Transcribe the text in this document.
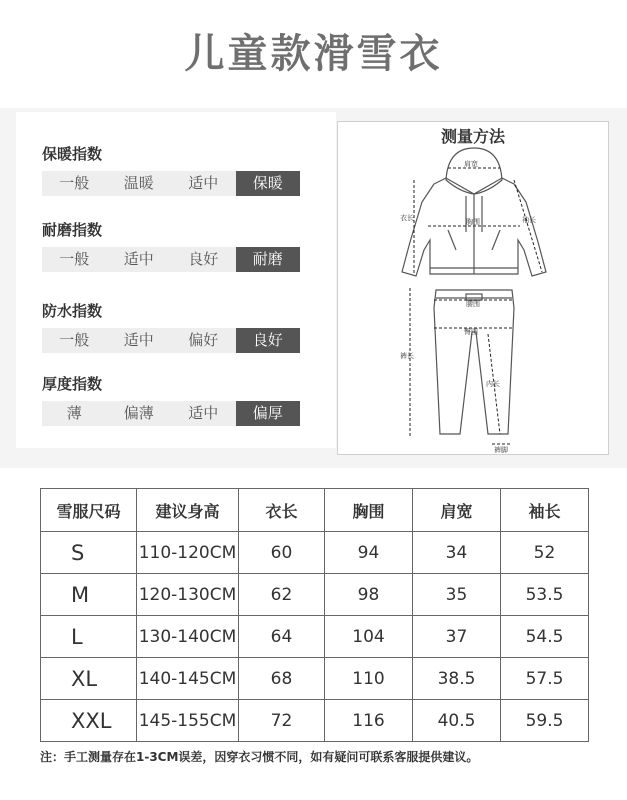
儿童款滑雪衣
保暖指数
一般	温暖	适中	保暖
耐磨指数
一般	适中	良好	耐磨
防水指数
一般	适中	偏好	良好
厚度指数
薄	偏薄	适中	偏厚
肩宽
胸围
衣长	袖长
腰围
臀围
裤长
内长
裤脚
测量方法
雪服尺码	建议身高	衣长	胸围	肩宽	袖长
S	110-120CM	60	94	34	52
M	120-130CM	62	98	35	53.5
L	130-140CM	64	104	37	54.5
XL	140-145CM	68	110	38.5	57.5
XXL	145-155CM	72	116	40.5	59.5
注：手工测量存在1-3CM误差，因穿衣习惯不同，如有疑问可联系客服提供建议。
